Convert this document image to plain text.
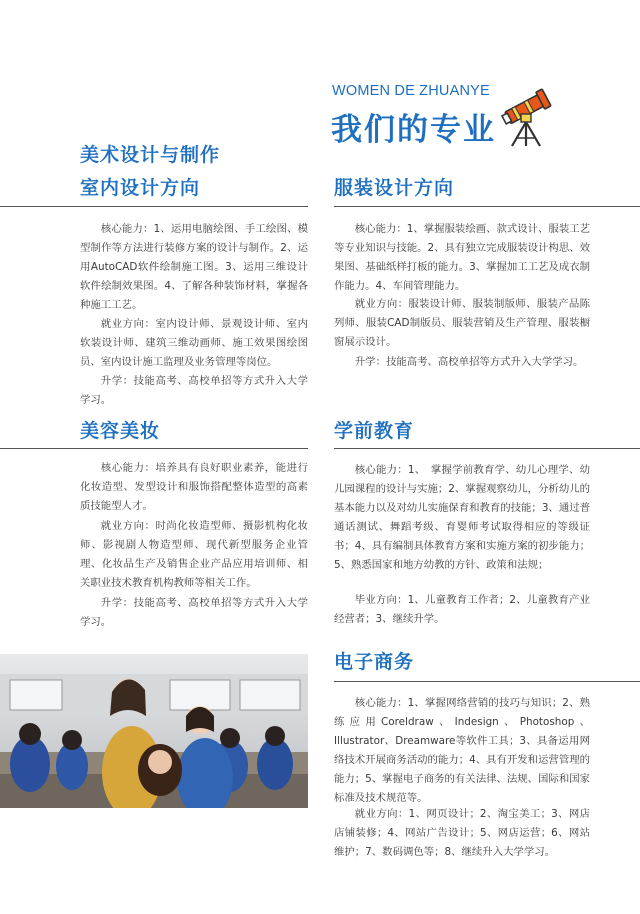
WOMEN DE ZHUANYE
我们的专业
美术设计与制作
室内设计方向

核心能力：1、运用电脑绘图、手工绘图、模型制作等方法进行装修方案的设计与制作。2、运用AutoCAD软件绘制施工图。3、运用三维设计软件绘制效果图。4、了解各种装饰材料，掌握各种施工工艺。

就业方向：室内设计师、景观设计师、室内软装设计师、建筑三维动画师、施工效果图绘图员、室内设计施工监理及业务管理等岗位。

升学：技能高考、高校单招等方式升入大学学习。

美容美妆

核心能力：培养具有良好职业素养，能进行化妆造型、发型设计和服饰搭配整体造型的高素质技能型人才。

就业方向：时尚化妆造型师、摄影机构化妆师、影视剧人物造型师、现代新型服务企业管理、化妆品生产及销售企业产品应用培训师、相关职业技术教育机构教师等相关工作。

升学：技能高考、高校单招等方式升入大学学习。

服装设计方向

核心能力：1、掌握服装绘画、款式设计、服装工艺等专业知识与技能。2、具有独立完成服装设计构思、效果图、基础纸样打板的能力。3、掌握加工工艺及成衣制作能力。4、车间管理能力。

就业方向：服装设计师、服装制版师、服装产品陈列师、服装CAD制版员、服装营销及生产管理、服装橱窗展示设计。

升学：技能高考、高校单招等方式升入大学学习。

学前教育

核心能力：1、　掌握学前教育学、幼儿心理学、幼儿园课程的设计与实施；2、掌握观察幼儿，分析幼儿的基本能力以及对幼儿实施保育和教育的技能；3、通过普通话测试、舞蹈考级、育婴师考试取得相应的等级证书；4、具有编制具体教育方案和实施方案的初步能力；5、熟悉国家和地方幼教的方针、政策和法规；

毕业方向：1、儿童教育工作者；2、儿童教育产业经营者；3、继续升学。

电子商务

核心能力：1、掌握网络营销的技巧与知识；2、熟练应用Coreldraw、Indesign、Photoshop、Illustrator、Dreamware等软件工具；3、具备运用网络技术开展商务活动的能力；4、具有开发和运营管理的能力；5、掌握电子商务的有关法律、法规、国际和国家标准及技术规范等。

就业方向：1、网页设计；2、淘宝美工；3、网店店铺装修；4、网站广告设计；5、网店运营；6、网站维护；7、数码调色等；8、继续升入大学学习。
